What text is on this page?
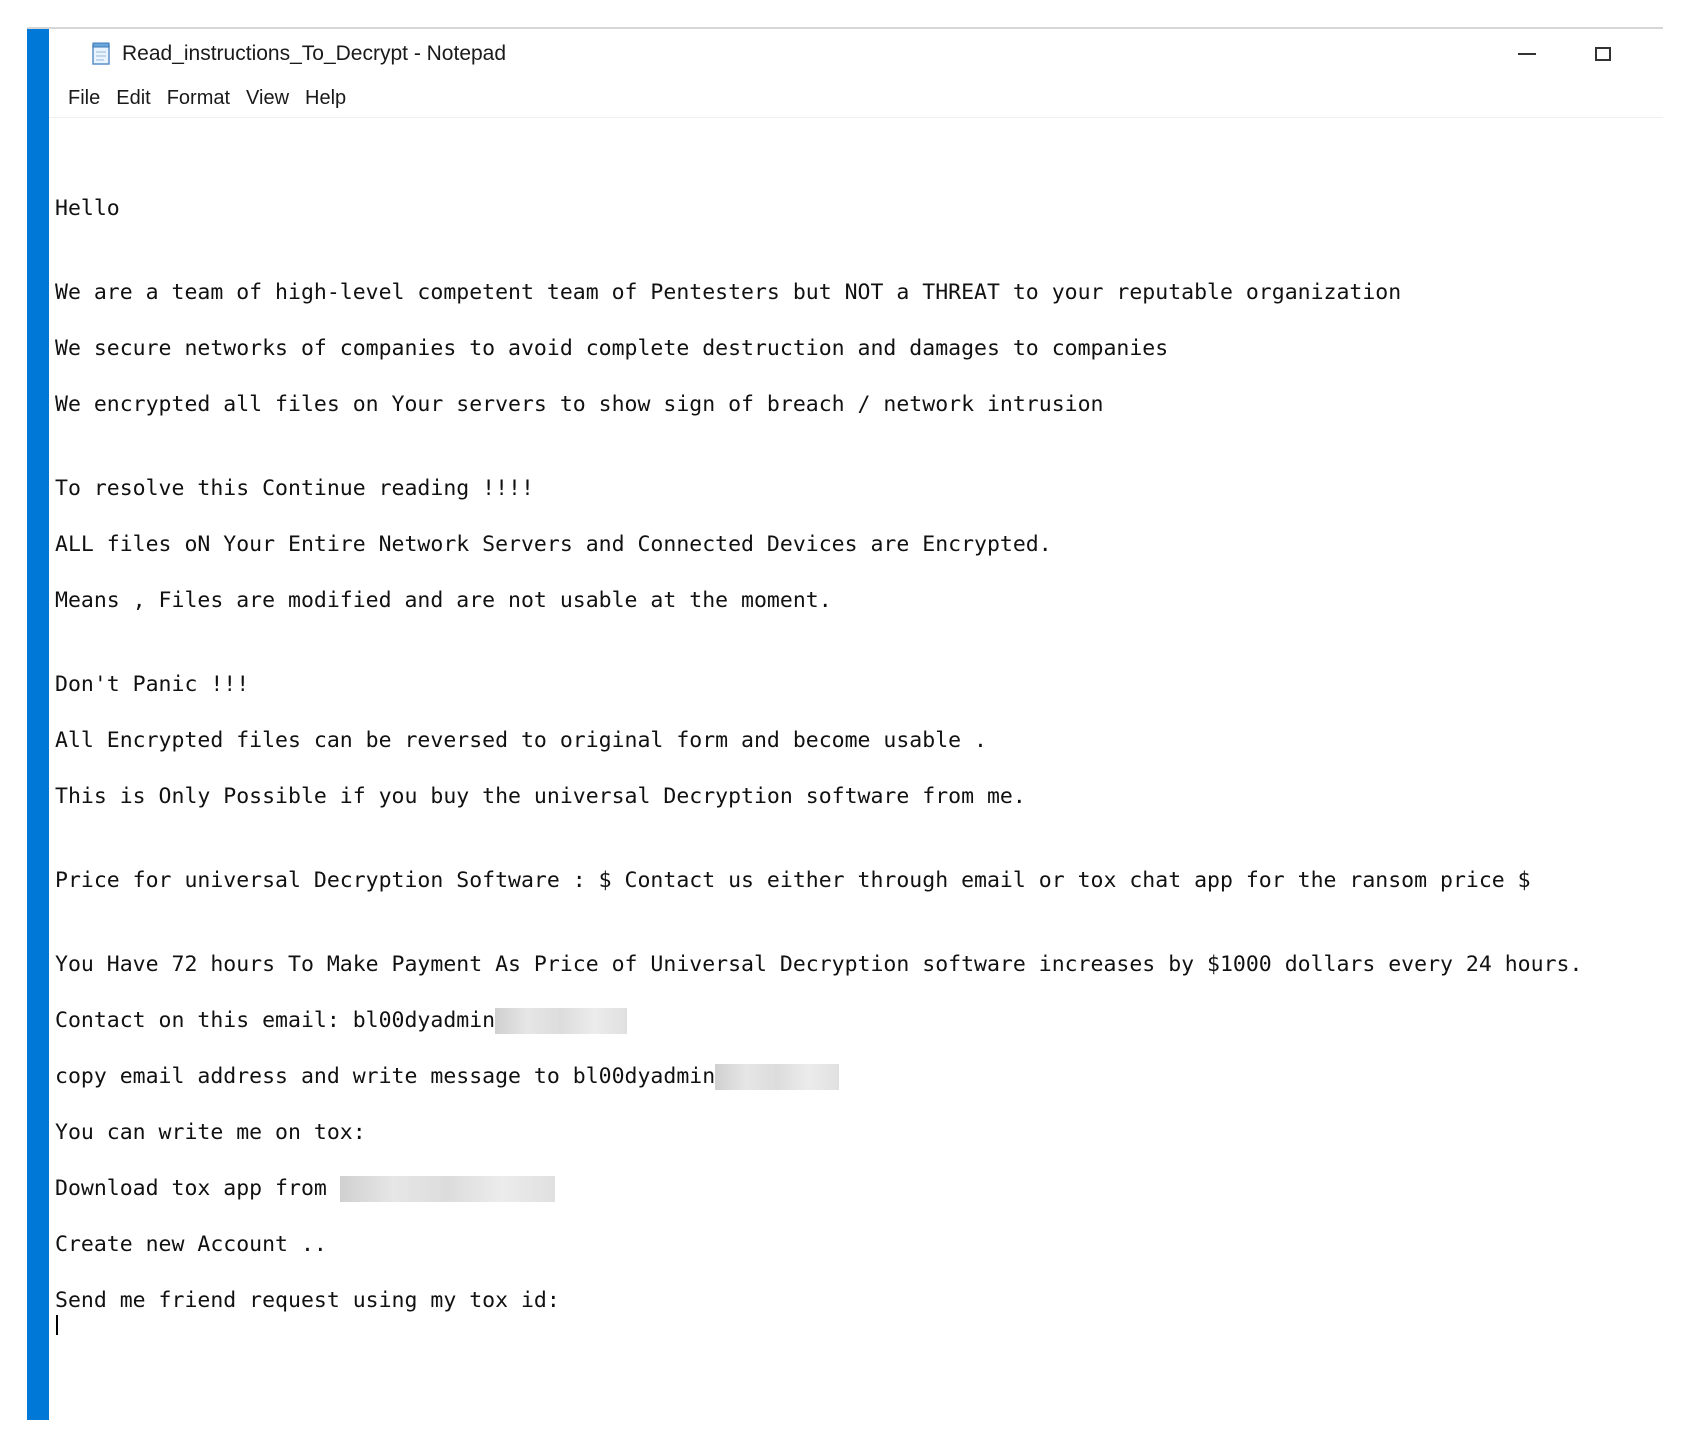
Read_instructions_To_Decrypt - Notepad
File Edit Format View Help
Hello
We are a team of high-level competent team of Pentesters but NOT a THREAT to your reputable organization
We secure networks of companies to avoid complete destruction and damages to companies
We encrypted all files on Your servers to show sign of breach / network intrusion
To resolve this Continue reading !!!!
ALL files oN Your Entire Network Servers and Connected Devices are Encrypted.
Means , Files are modified and are not usable at the moment.
Don't Panic !!!
All Encrypted files can be reversed to original form and become usable .
This is Only Possible if you buy the universal Decryption software from me.
Price for universal Decryption Software : $ Contact us either through email or tox chat app for the ransom price $
You Have 72 hours To Make Payment As Price of Universal Decryption software increases by $1000 dollars every 24 hours.
Contact on this email: bl00dyadmin
copy email address and write message to bl00dyadmin
You can write me on tox:
Download tox app from
Create new Account ..
Send me friend request using my tox id:
